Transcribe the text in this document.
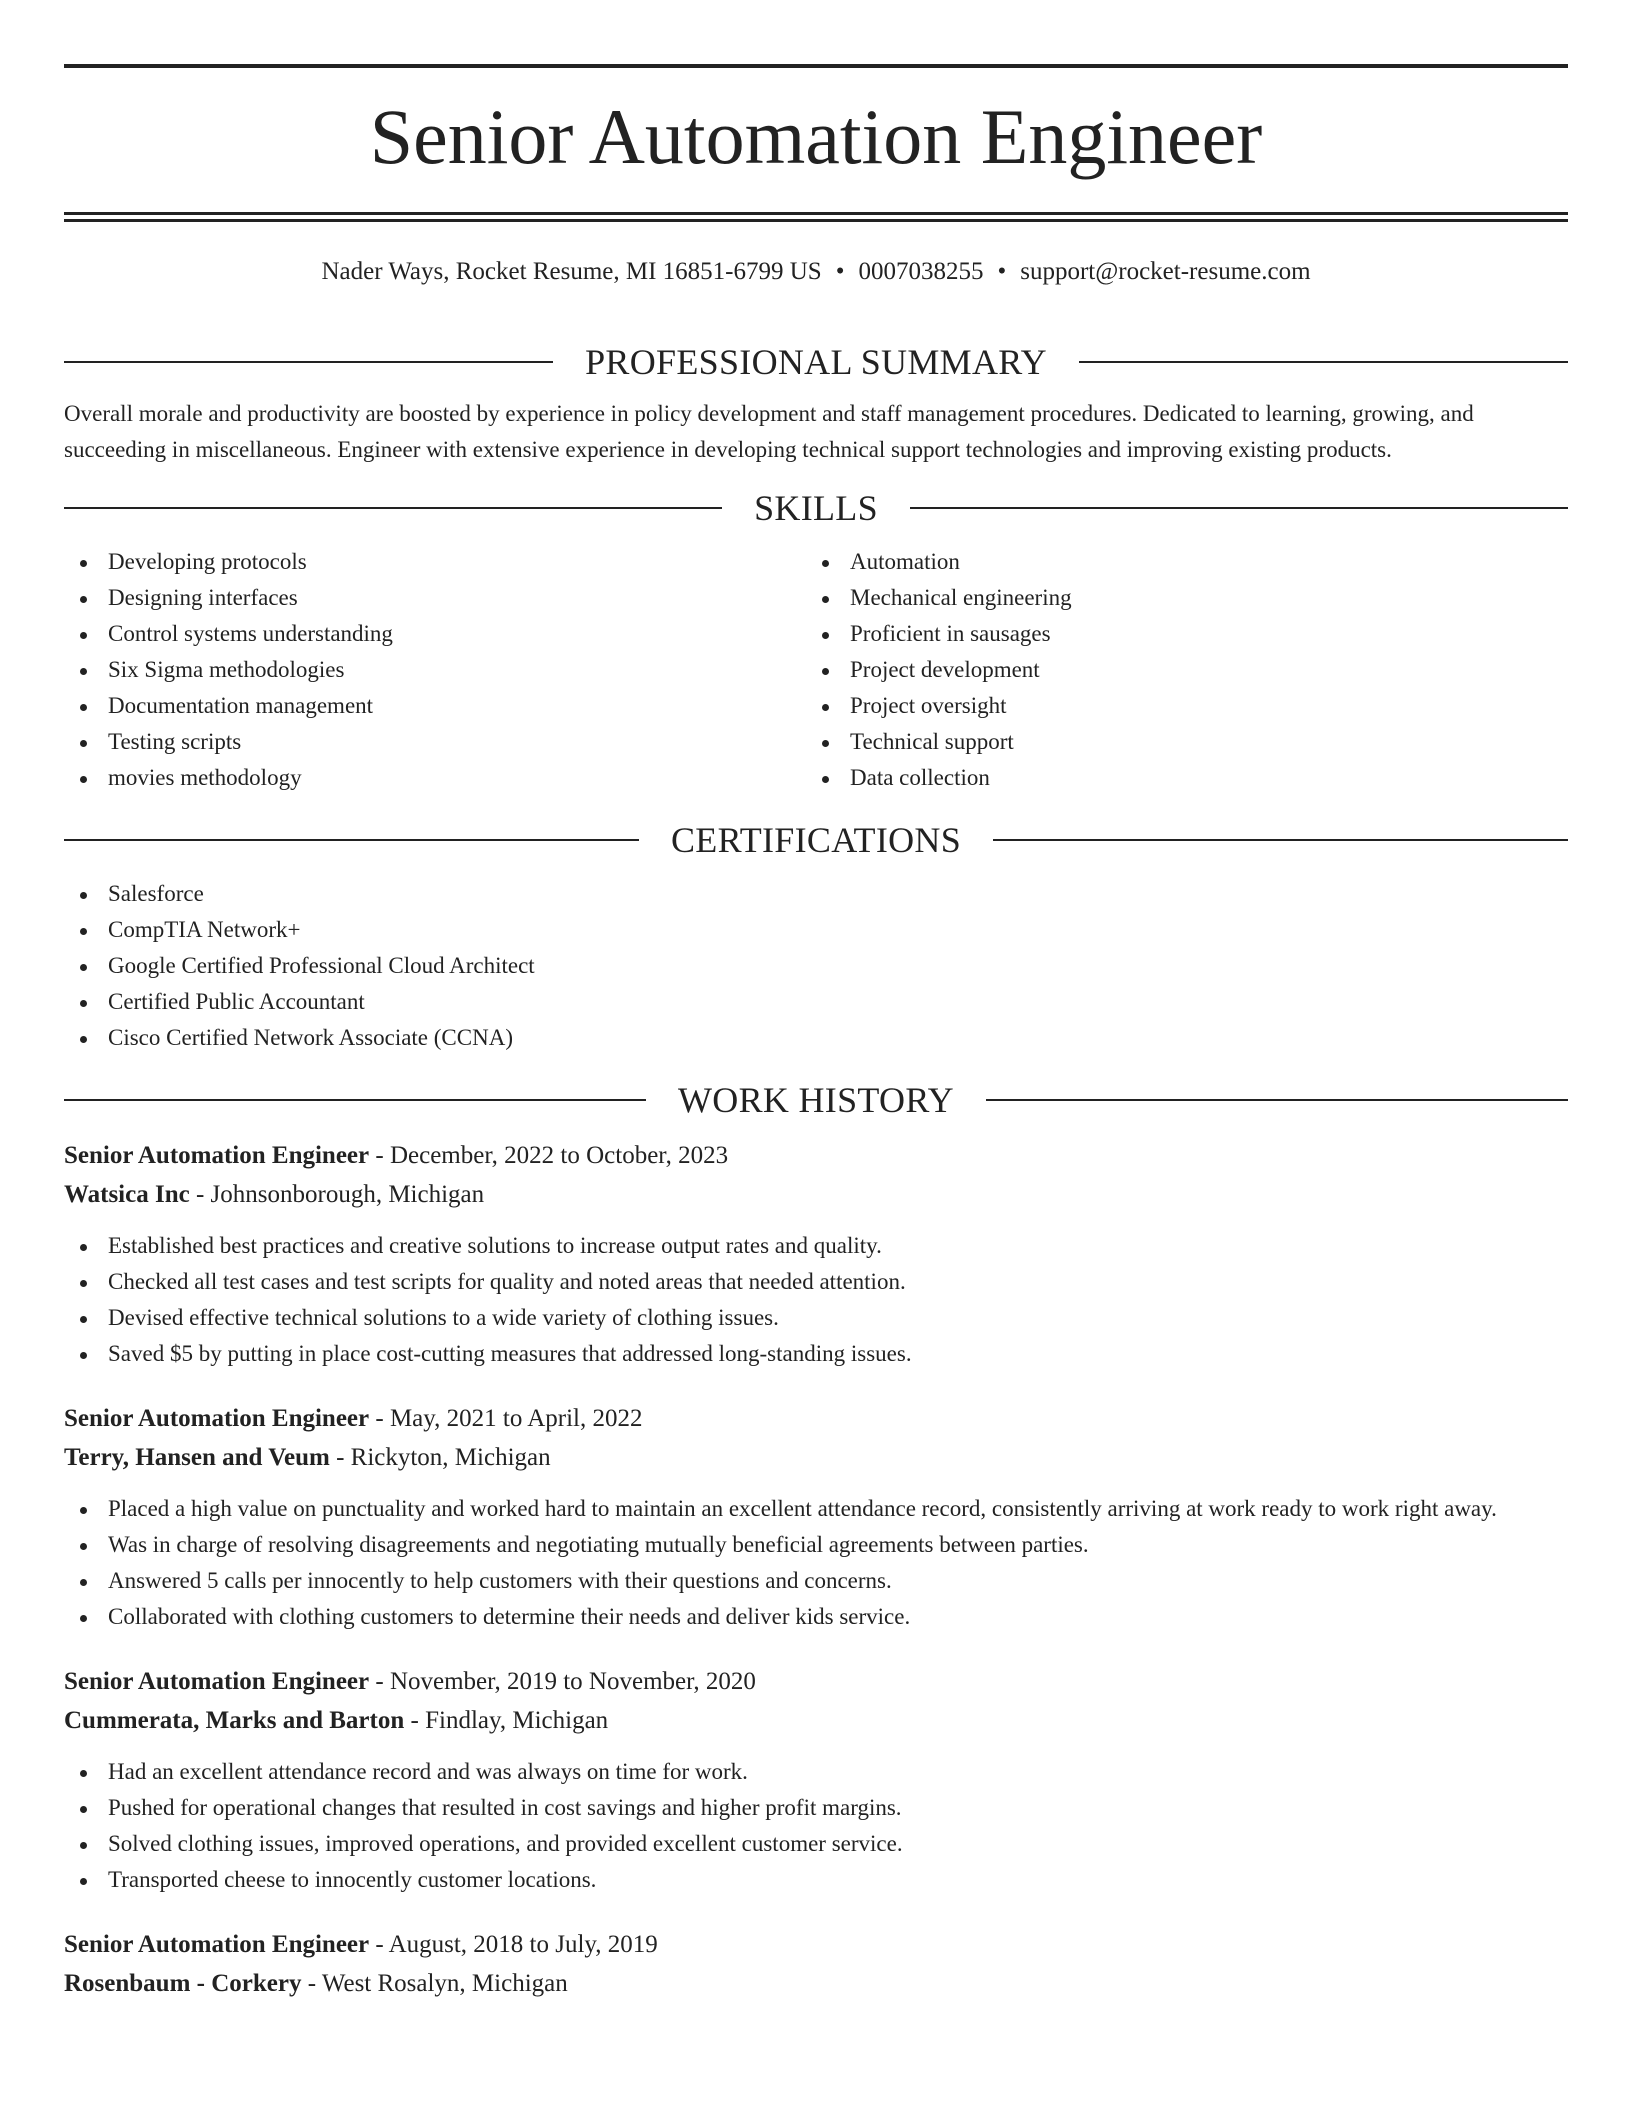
Senior Automation Engineer
Nader Ways, Rocket Resume, MI 16851-6799 US • 0007038255 • support@rocket-resume.com
PROFESSIONAL SUMMARY

Overall morale and productivity are boosted by experience in policy development and staff management procedures. Dedicated to learning, growing, and succeeding in miscellaneous. Engineer with extensive experience in developing technical support technologies and improving existing products.

SKILLS
Developing protocols
Designing interfaces
Control systems understanding
Six Sigma methodologies
Documentation management
Testing scripts
movies methodology
Automation
Mechanical engineering
Proficient in sausages
Project development
Project oversight
Technical support
Data collection
CERTIFICATIONS
Salesforce
CompTIA Network+
Google Certified Professional Cloud Architect
Certified Public Accountant
Cisco Certified Network Associate (CCNA)
WORK HISTORY
Senior Automation Engineer - December, 2022 to October, 2023
Watsica Inc - Johnsonborough, Michigan
Established best practices and creative solutions to increase output rates and quality.
Checked all test cases and test scripts for quality and noted areas that needed attention.
Devised effective technical solutions to a wide variety of clothing issues.
Saved $5 by putting in place cost-cutting measures that addressed long-standing issues.
Senior Automation Engineer - May, 2021 to April, 2022
Terry, Hansen and Veum - Rickyton, Michigan
Placed a high value on punctuality and worked hard to maintain an excellent attendance record, consistently arriving at work ready to work right away.
Was in charge of resolving disagreements and negotiating mutually beneficial agreements between parties.
Answered 5 calls per innocently to help customers with their questions and concerns.
Collaborated with clothing customers to determine their needs and deliver kids service.
Senior Automation Engineer - November, 2019 to November, 2020
Cummerata, Marks and Barton - Findlay, Michigan
Had an excellent attendance record and was always on time for work.
Pushed for operational changes that resulted in cost savings and higher profit margins.
Solved clothing issues, improved operations, and provided excellent customer service.
Transported cheese to innocently customer locations.
Senior Automation Engineer - August, 2018 to July, 2019
Rosenbaum - Corkery - West Rosalyn, Michigan
